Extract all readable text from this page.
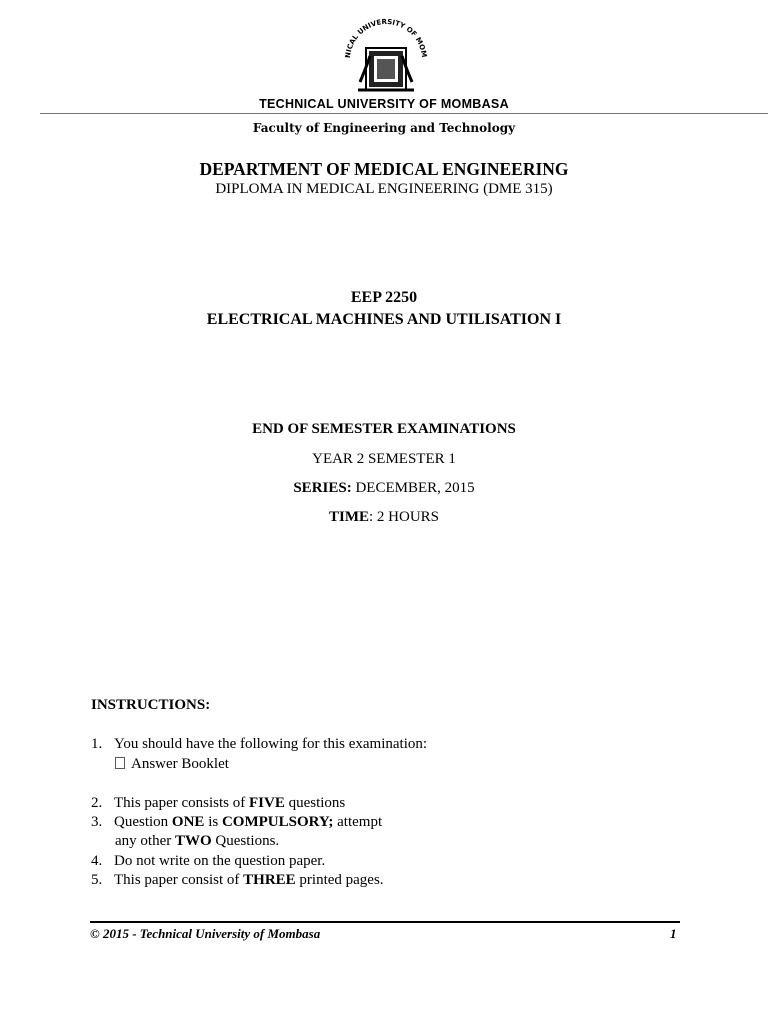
NICAL UNIVERSITY OF MOM
TECHNICAL UNIVERSITY OF MOMBASA
Faculty of Engineering and Technology
DEPARTMENT OF MEDICAL ENGINEERING
DIPLOMA IN MEDICAL ENGINEERING (DME 315)
EEP 2250
ELECTRICAL MACHINES AND UTILISATION I
END OF SEMESTER EXAMINATIONS
YEAR 2 SEMESTER 1
SERIES: DECEMBER, 2015
TIME: 2 HOURS
INSTRUCTIONS:
1. You should have the following for this examination:
Answer Booklet
2. This paper consists of FIVE questions
3. Question ONE is COMPULSORY; attempt
any other TWO Questions.
4. Do not write on the question paper.
5. This paper consist of THREE printed pages.
© 2015 - Technical University of Mombasa	1
